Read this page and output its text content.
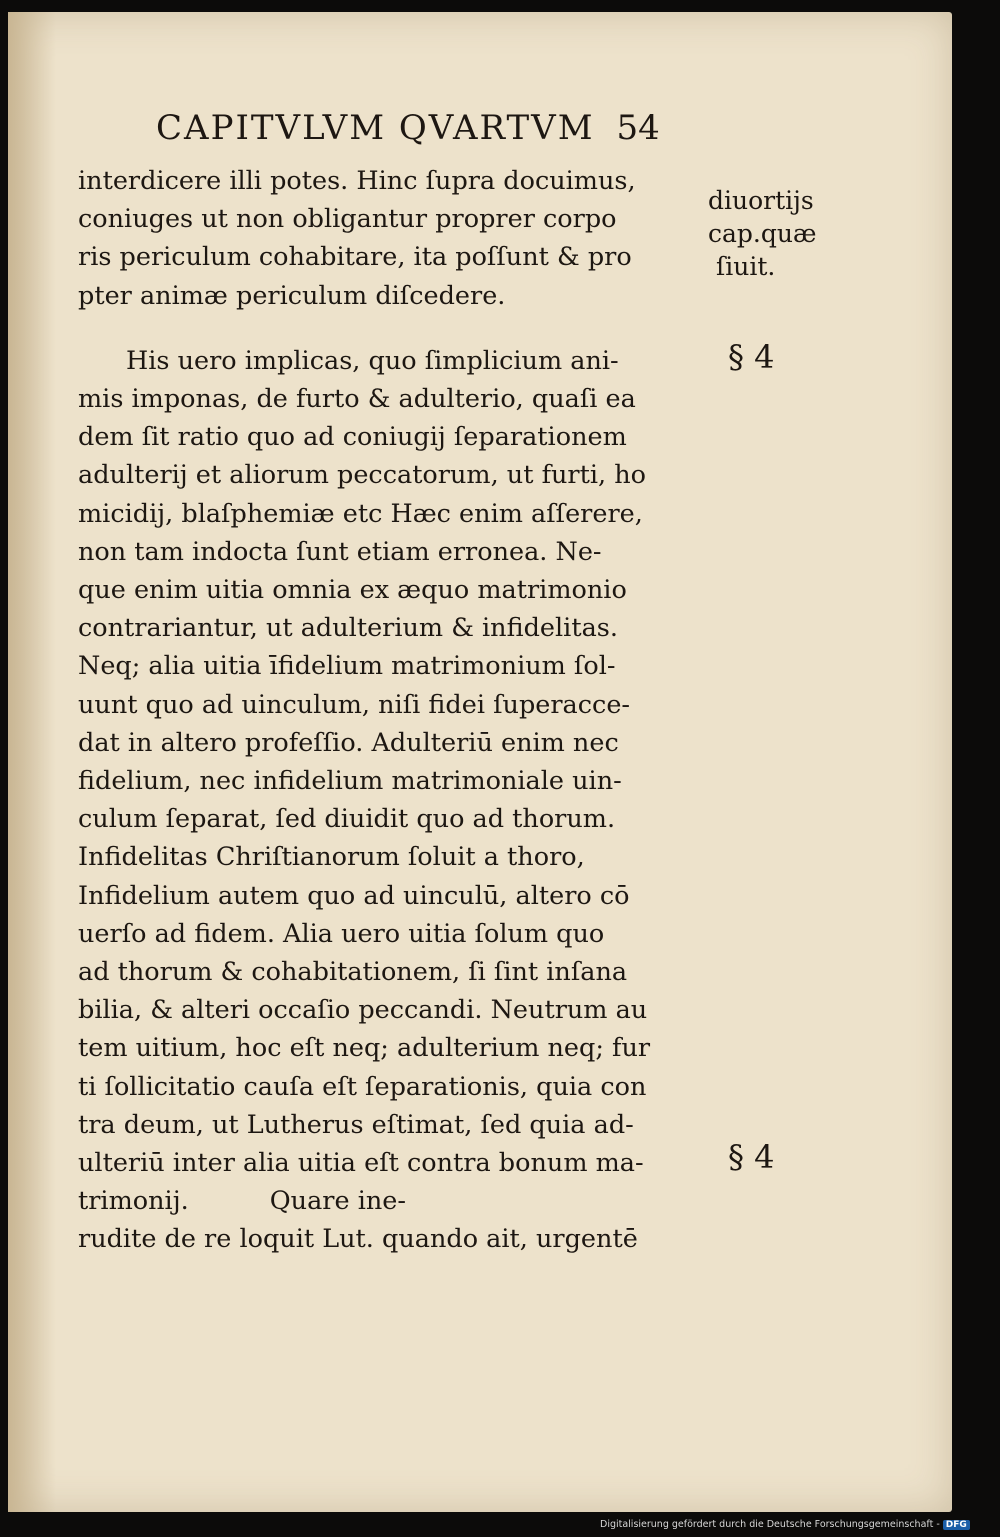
CAPITVLVM QVARTVM 54
interdicere illi potes. Hinc ſupra docuimus,
coniuges ut non obligantur proprer corpo
ris periculum cohabitare, ita poſſunt & pro
pter animæ periculum diſcedere.
His uero implicas, quo ſimplicium ani-
mis imponas, de furto & adulterio, quaſi ea
dem ſit ratio quo ad coniugij ſeparationem
adulterij et aliorum peccatorum, ut furti, ho
micidij, blaſphemiæ etc Hæc enim aſſerere,
non tam indocta ſunt etiam erronea. Ne-
que enim uitia omnia ex æquo matrimonio
contrariantur, ut adulterium & infidelitas.
Neq; alia uitia īfidelium matrimonium ſol-
uunt quo ad uinculum, niſi fidei ſuperacce-
dat in altero profeſſio. Adulteriū enim nec
fidelium, nec infidelium matrimoniale uin-
culum ſeparat, ſed diuidit quo ad thorum.
Infidelitas Chriſtianorum ſoluit a thoro,
Infidelium autem quo ad uinculū, altero cō
uerſo ad fidem. Alia uero uitia ſolum quo
ad thorum & cohabitationem, ſi ſint inſana
bilia, & alteri occaſio peccandi. Neutrum au
tem uitium, hoc eſt neq; adulterium neq; fur
ti ſollicitatio cauſa eſt ſeparationis, quia con
tra deum, ut Lutherus eſtimat, ſed quia ad-
ulteriū inter alia uitia eſt contra bonum ma-
trimonij.          Quare ine-
rudite de re loquit Lut. quando ait, urgentē
diuortijs
cap.quæ
ſiuit.
§ 4
§ 4
Digitalisierung gefördert durch die Deutsche Forschungsgemeinschaft - DFG
